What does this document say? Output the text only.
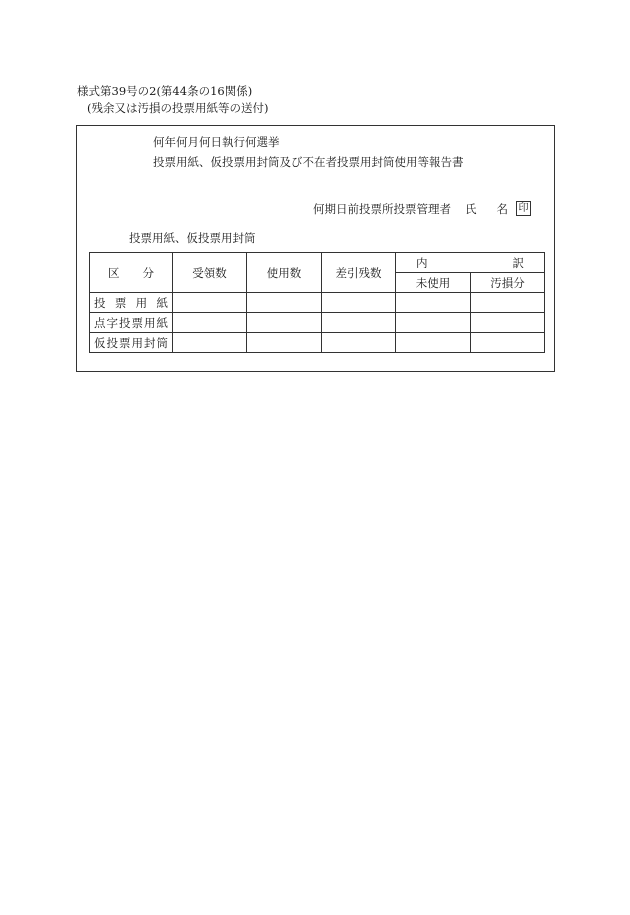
様式第39号の2(第44条の16関係)
(残余又は汚損の投票用紙等の送付)
何年何月何日執行何選挙
投票用紙、仮投票用封筒及び不在者投票用封筒使用等報告書
何期日前投票所投票管理者 氏 名 印
投票用紙、仮投票用封筒
区 分	受領数	使用数	差引残数	内 訳	

				未使用	汚損分
投票用紙					
点字投票用紙					
仮投票用封筒					
